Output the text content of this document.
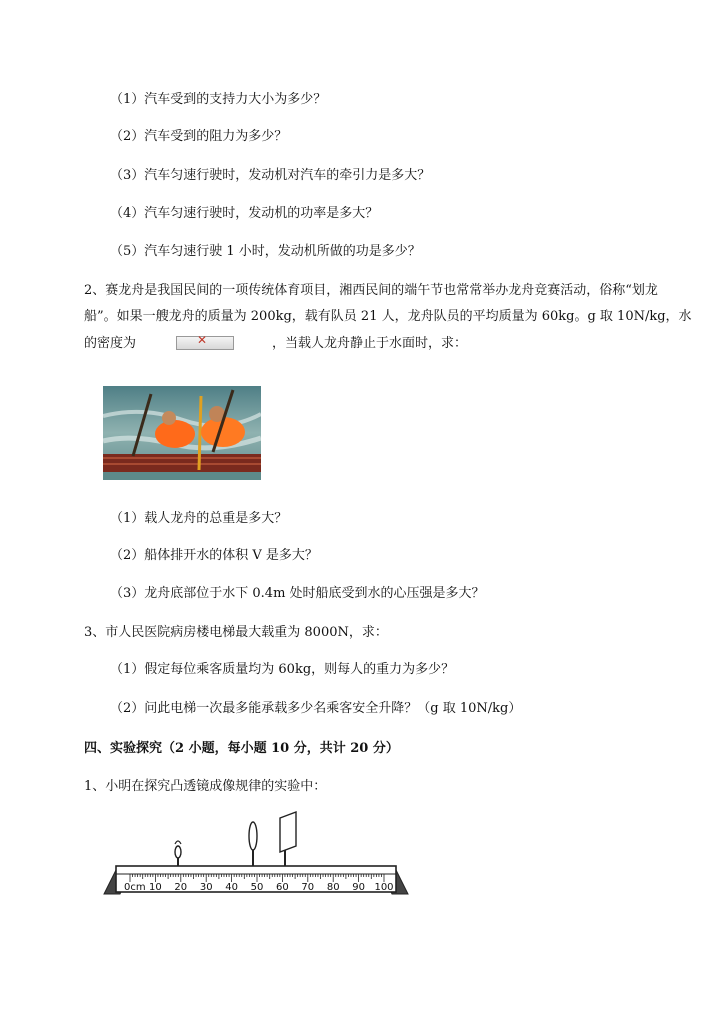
（1）汽车受到的支持力大小为多少？
（2）汽车受到的阻力为多少？
（3）汽车匀速行驶时，发动机对汽车的牵引力是多大？
（4）汽车匀速行驶时，发动机的功率是多大？
（5）汽车匀速行驶 1 小时，发动机所做的功是多少？
2、赛龙舟是我国民间的一项传统体育项目，湘西民间的端午节也常常举办龙舟竞赛活动，俗称“划龙
船”。如果一艘龙舟的质量为 200kg，载有队员 21 人，龙舟队员的平均质量为 60kg。g 取 10N/kg，水
的密度为	✕	，当载人龙舟静止于水面时，求：
（1）载人龙舟的总重是多大？
（2）船体排开水的体积 V 是多大？
（3）龙舟底部位于水下 0.4m 处时船底受到水的心压强是多大？
3、市人民医院病房楼电梯最大载重为 8000N，求：
（1）假定每位乘客质量均为 60kg，则每人的重力为多少？
（2）问此电梯一次最多能承载多少名乘客安全升降？（g 取 10N/kg）
四、实验探究（2 小题，每小题 10 分，共计 20 分）
1、小明在探究凸透镜成像规律的实验中：
0cm 10 20 30 40 50 60 70 80 90 100
